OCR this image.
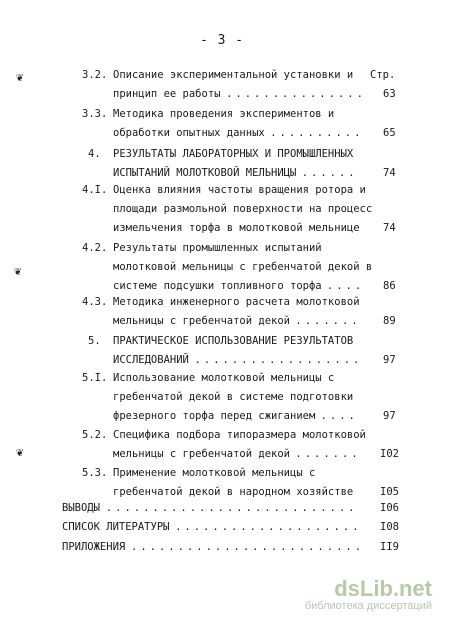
- 3 -
Стр.
❦
❦
❦
3.2. Описание экспериментальной установки и
принцип ее работы ............... 63
3.3. Методика проведения экспериментов и
обработки опытных данных .......... 65
4. РЕЗУЛЬТАТЫ ЛАБОРАТОРНЫХ И ПРОМЫШЛЕННЫХ
ИСПЫТАНИЙ МОЛОТКОВОЙ МЕЛЬНИЦЫ ...... 74
4.I. Оценка влияния частоты вращения ротора и
площади размольной поверхности на процесс
измельчения торфа в молотковой мельнице 74
4.2. Результаты промышленных испытаний
молотковой мельницы с гребенчатой декой в
системе подсушки топливного торфа .... 86
4.3. Методика инженерного расчета молотковой
мельницы с гребенчатой декой ....... 89
5. ПРАКТИЧЕСКОЕ ИСПОЛЬЗОВАНИЕ РЕЗУЛЬТАТОВ
ИССЛЕДОВАНИЙ .................. 97
5.I. Использование молотковой мельницы с
гребенчатой декой в системе подготовки
фрезерного торфа перед сжиганием .... 97
5.2. Спецификa подбора типоразмера молотковой
мельницы с гребенчатой декой ....... I02
5.3. Применение молотковой мельницы с
гребенчатой декой в народном хозяйстве	I05
ВЫВОДЫ ........................... I06
СПИСОК ЛИТЕРАТУРЫ .................... I08
ПРИЛОЖЕНИЯ ......................... II9
dsLib.net
библиотека диссертаций
